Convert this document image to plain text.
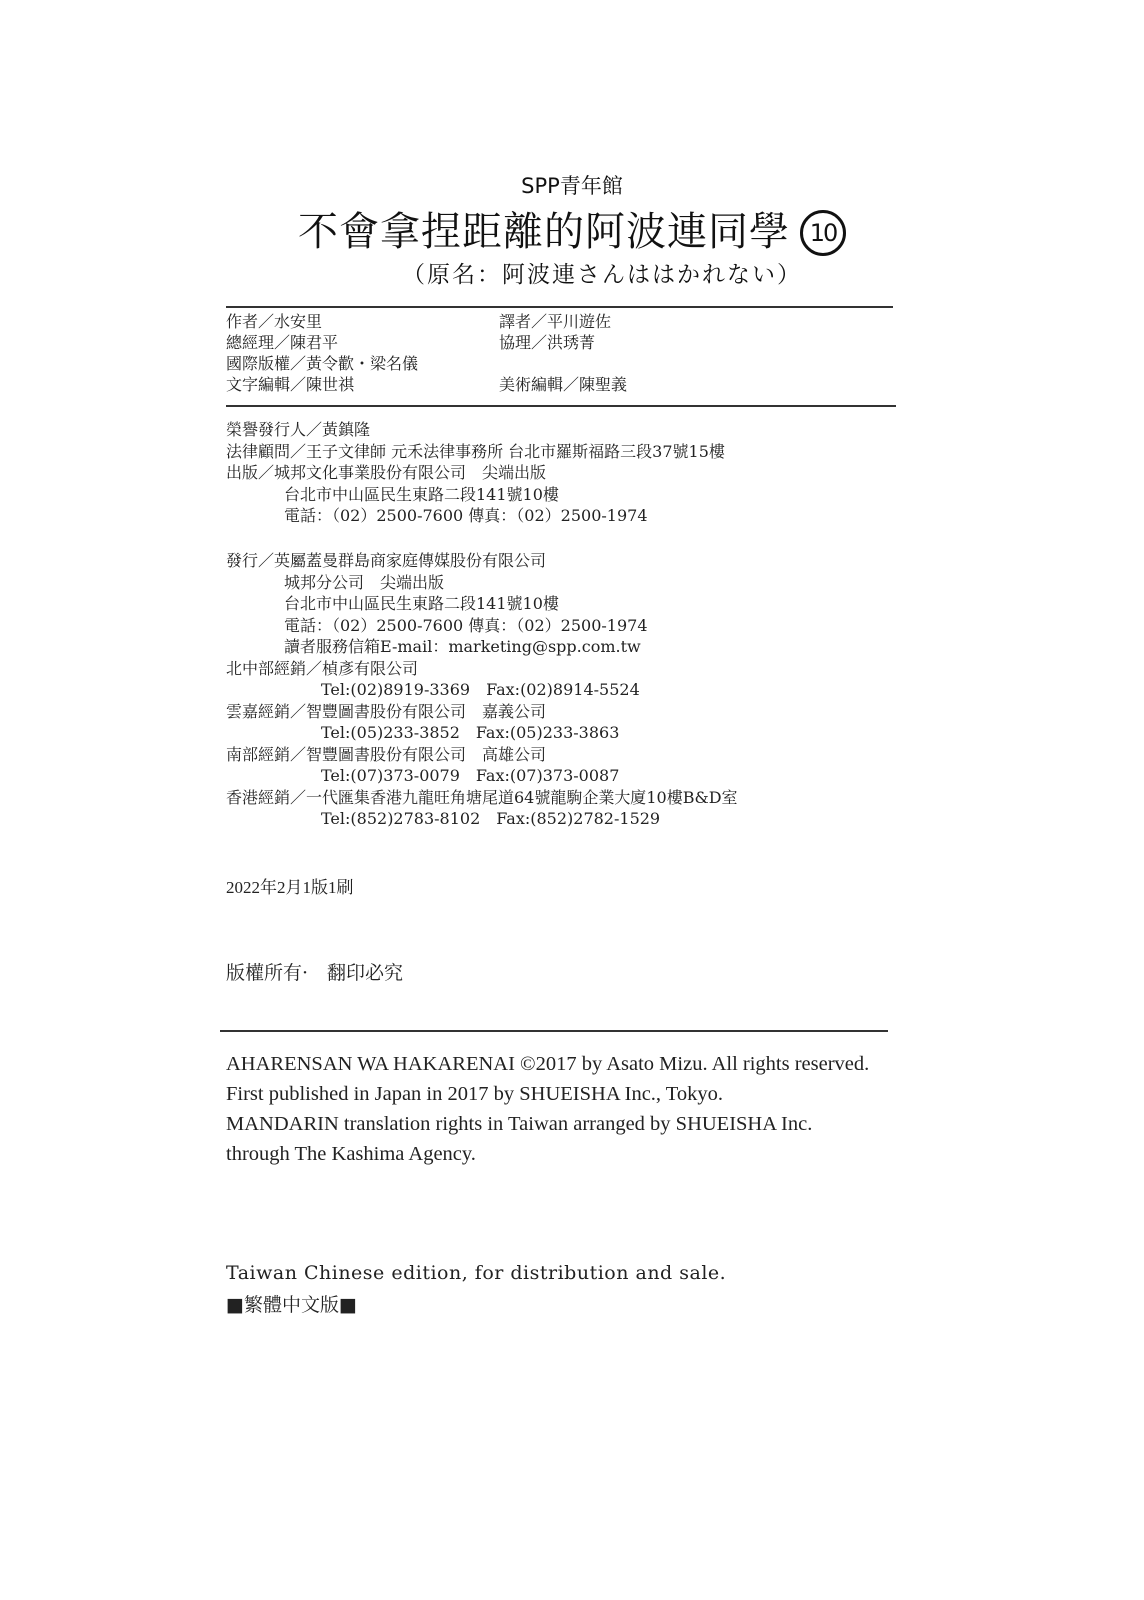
SPP青年館
不會拿捏距離的阿波連同學 10
（原名：阿波連さんははかれない）
作者／水安里
總經理／陳君平
國際版權／黃令歡・梁名儀
文字編輯／陳世祺
譯者／平川遊佐
協理／洪琇菁
美術編輯／陳聖義
榮譽發行人／黃鎮隆
法律顧問／王子文律師 元禾法律事務所 台北市羅斯福路三段37號15樓
出版／城邦文化事業股份有限公司　尖端出版
台北市中山區民生東路二段141號10樓
電話：（02）2500-7600 傳真：（02）2500-1974
發行／英屬蓋曼群島商家庭傳媒股份有限公司
城邦分公司　尖端出版
台北市中山區民生東路二段141號10樓
電話：（02）2500-7600 傳真：（02）2500-1974
讀者服務信箱E-mail：marketing@spp.com.tw
北中部經銷／楨彥有限公司
Tel:(02)8919-3369　Fax:(02)8914-5524
雲嘉經銷／智豐圖書股份有限公司　嘉義公司
Tel:(05)233-3852　Fax:(05)233-3863
南部經銷／智豐圖書股份有限公司　高雄公司
Tel:(07)373-0079　Fax:(07)373-0087
香港經銷／一代匯集香港九龍旺角塘尾道64號龍駒企業大廈10樓B&D室
Tel:(852)2783-8102　Fax:(852)2782-1529
2022年2月1版1刷
版權所有·　翻印必究
AHARENSAN WA HAKARENAI ©2017 by Asato Mizu. All rights reserved.
First published in Japan in 2017 by SHUEISHA Inc., Tokyo.
MANDARIN translation rights in Taiwan arranged by SHUEISHA Inc.
through The Kashima Agency.
Taiwan Chinese edition, for distribution and sale.
■繁體中文版■
